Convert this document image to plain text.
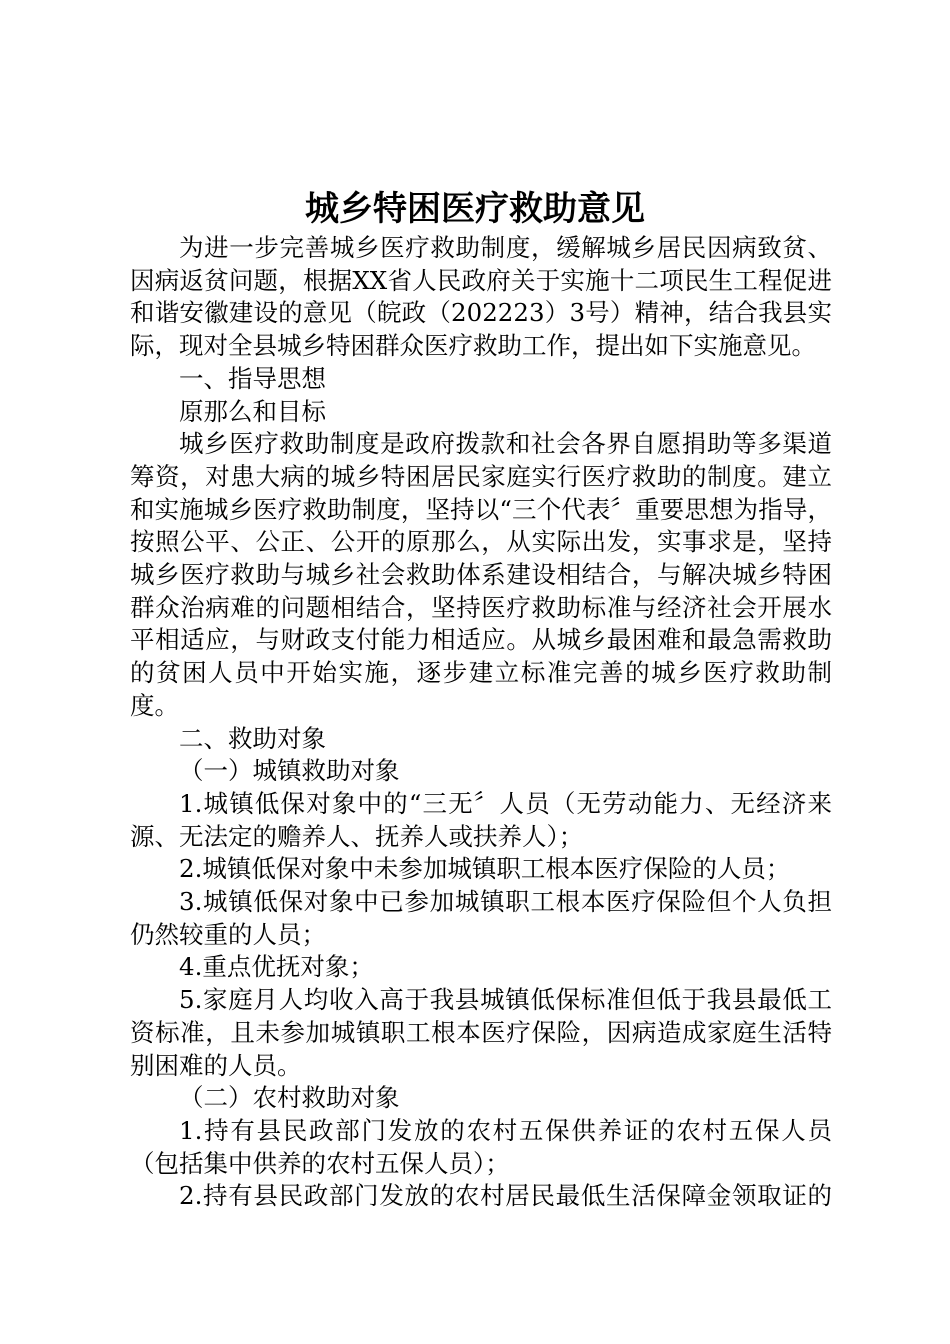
城乡特困医疗救助意见

为进一步完善城乡医疗救助制度，缓解城乡居民因病致贫、因病返贫问题，根据XX省人民政府关于实施十二项民生工程促进和谐安徽建设的意见（皖政（202223）3号）精神，结合我县实际，现对全县城乡特困群众医疗救助工作，提出如下实施意见。

一、指导思想

原那么和目标

城乡医疗救助制度是政府拨款和社会各界自愿捐助等多渠道筹资，对患大病的城乡特困居民家庭实行医疗救助的制度。建立和实施城乡医疗救助制度，坚持以“三个代表〞重要思想为指导，按照公平、公正、公开的原那么，从实际出发，实事求是，坚持城乡医疗救助与城乡社会救助体系建设相结合，与解决城乡特困群众治病难的问题相结合，坚持医疗救助标准与经济社会开展水平相适应，与财政支付能力相适应。从城乡最困难和最急需救助的贫困人员中开始实施，逐步建立标准完善的城乡医疗救助制度。

二、救助对象

（一）城镇救助对象

1.城镇低保对象中的“三无〞人员（无劳动能力、无经济来源、无法定的赡养人、抚养人或扶养人）；

2.城镇低保对象中未参加城镇职工根本医疗保险的人员；

3.城镇低保对象中已参加城镇职工根本医疗保险但个人负担仍然较重的人员；

4.重点优抚对象；

5.家庭月人均收入高于我县城镇低保标准但低于我县最低工资标准，且未参加城镇职工根本医疗保险，因病造成家庭生活特别困难的人员。

（二）农村救助对象

1.持有县民政部门发放的农村五保供养证的农村五保人员（包括集中供养的农村五保人员）；

2.持有县民政部门发放的农村居民最低生活保障金领取证的
